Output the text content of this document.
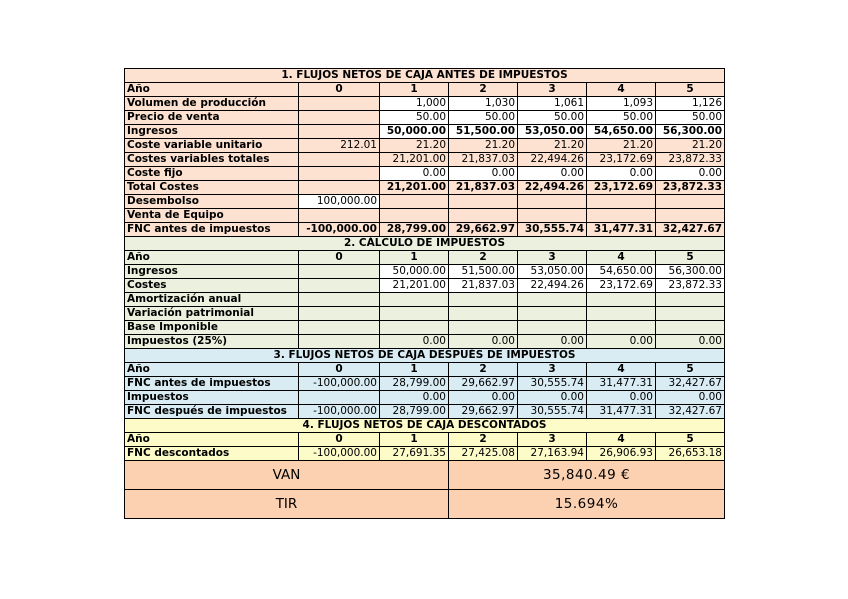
1. FLUJOS NETOS DE CAJA ANTES DE IMPUESTOS						
Año	0	1	2	3	4	5
Volumen de producción		1,000	1,030	1,061	1,093	1,126
Precio de venta		50.00	50.00	50.00	50.00	50.00
Ingresos		50,000.00	51,500.00	53,050.00	54,650.00	56,300.00
Coste variable unitario	212.01	21.20	21.20	21.20	21.20	21.20
Costes variables totales		21,201.00	21,837.03	22,494.26	23,172.69	23,872.33
Coste fijo		0.00	0.00	0.00	0.00	0.00
Total Costes		21,201.00	21,837.03	22,494.26	23,172.69	23,872.33
Desembolso	100,000.00					
Venta de Equipo						
FNC antes de impuestos	-100,000.00	28,799.00	29,662.97	30,555.74	31,477.31	32,427.67
2. CÁLCULO DE IMPUESTOS						
Año	0	1	2	3	4	5
Ingresos		50,000.00	51,500.00	53,050.00	54,650.00	56,300.00
Costes		21,201.00	21,837.03	22,494.26	23,172.69	23,872.33
Amortización anual						
Variación patrimonial						
Base Imponible						
Impuestos (25%)		0.00	0.00	0.00	0.00	0.00
3. FLUJOS NETOS DE CAJA DESPUÉS DE IMPUESTOS						
Año	0	1	2	3	4	5
FNC antes de impuestos	-100,000.00	28,799.00	29,662.97	30,555.74	31,477.31	32,427.67
Impuestos		0.00	0.00	0.00	0.00	0.00
FNC después de impuestos	-100,000.00	28,799.00	29,662.97	30,555.74	31,477.31	32,427.67
4. FLUJOS NETOS DE CAJA DESCONTADOS						
Año	0	1	2	3	4	5
FNC descontados	-100,000.00	27,691.35	27,425.08	27,163.94	26,906.93	26,653.18
VAN			35,840.49 €			
TIR			15.694%			
